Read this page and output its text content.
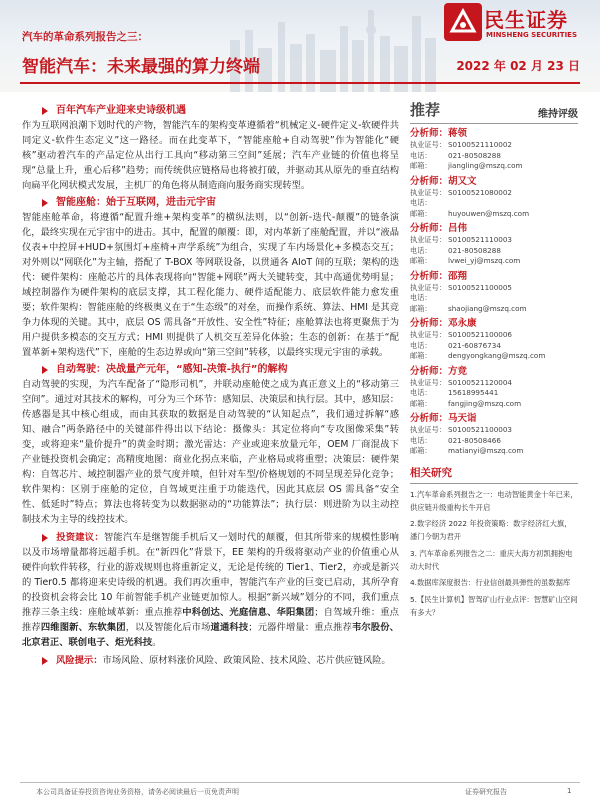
汽车的革命系列报告之三：
智能汽车：未来最强的算力终端	2022 年 02 月 23 日
民生证券
MINSHENG SECURITIES
百年汽车产业迎来史诗级机遇

作为互联网浪潮下划时代的产物，智能汽车的架构变革遵循着“机械定义-硬件定义-软硬件共同定义-软件生态定义”这一路径。而在此变革下，“智能座舱+自动驾驶”作为智能化“硬核”驱动着汽车的产品定位从出行工具向“移动第三空间”延展；汽车产业链的价值也将呈现“总量上升，重心后移”趋势；而传统供应链格局也将被打破，并驱动其从原先的垂直结构向扁平化网状模式发展，主机厂的角色将从制造商向服务商实现转型。

智能座舱：始于互联网，进击元宇宙

智能座舱革命，将遵循“配置升维+架构变革”的横纵法则，以“创新-迭代-颠覆”的链条演化，最终实现在元宇宙中的进击。其中，配置的颠覆：即，对内革新了座舱配置，并以“液晶仪表+中控屏+HUD+氛围灯+座椅+声学系统”为组合，实现了车内场景化+多模态交互；对外则以“网联化”为主轴，搭配了 T-BOX 等网联设备，以贯通各 AIoT 间的互联；架构的迭代：硬件架构：座舱芯片的具体表现将向“智能+网联”两大关键转变，其中高通优势明显；域控制器作为硬件架构的底层支撑，其工程化能力、硬件适配能力、底层软件能力愈发重要；软件架构：智能座舱的终极奥义在于“生态级”的对垒，而操作系统、算法、HMI 是其竞争力体现的关键。其中，底层 OS 需具备“开放性、安全性”特征；座舱算法也将更聚焦于为用户提供多模态的交互方式；HMI 则提供了人机交互差异化体验；生态的创新：在基于“配置革新+架构迭代”下，座舱的生态边界或向“第三空间”转移，以最终实现元宇宙的承载。

自动驾驶：决战量产元年，“感知-决策-执行”的解构

自动驾驶的实现，为汽车配备了“隐形司机”，并联动座舱使之成为真正意义上的“移动第三空间”。通过对其技术的解构，可分为三个环节：感知层、决策层和执行层。其中，感知层：传感器是其中核心组成，而由其获取的数据是自动驾驶的“认知起点”，我们通过拆解“感知、融合”两条路径中的关键部件得出以下结论：摄像头：其定位将向“专攻图像采集”转变，或将迎来“量价提升”的黄金时期；激光雷达：产业或迎来放量元年，OEM 厂商混战下产业链投资机会确定；高精度地图：商业化拐点来临，产业格局或将重塑；决策层：硬件架构：自驾芯片、域控制器产业的景气度并喷，但针对车型/价格规划的不同呈现差异化竞争；软件架构：区别于座舱的定位，自驾域更注重于功能迭代，因此其底层 OS 需具备“安全性、低延时”特点；算法也将转变为以数据驱动的“功能算法”；执行层：则进阶为以主动控制技术为主导的线控技术。

投资建议：智能汽车是继智能手机后又一划时代的颠覆，但其所带来的规模性影响以及市场增量都将远超手机。在“新四化”背景下，EE 架构的升级将驱动产业的价值重心从硬件向软件转移，行业的游戏规则也将重新定义，无论是传统的 Tier1、Tier2，亦或是新兴的 Tier0.5 都将迎来史诗级的机遇。我们再次重申，智能汽车产业的巨变已启动，其所孕育的投资机会将会比 10 年前智能手机产业链更加惊人。根据“新兴域”划分的不同，我们重点推荐三条主线：座舱域革新：重点推荐中科创达、光庭信息、华阳集团；自驾域升维：重点推荐四维图新、东软集团，以及智能化后市场道通科技；元器件增量：重点推荐韦尔股份、北京君正、联创电子、炬光科技。

风险提示：市场风险、原材料涨价风险、政策风险、技术风险、芯片供应链风险。

推荐	维持评级
分析师： 蒋领
执业证号： S0100521110002
电话：	021-80508288
邮箱：	jiangling@mszq.com
分析师： 胡又文
执业证号： S0100521080002
电话：
邮箱：	huyouwen@mszq.com
分析师： 吕伟
执业证号： S0100521110003
电话：	021-80508288
邮箱：	lvwei_yj@mszq.com
分析师： 邵翔
执业证号： S0100521100005
电话：
邮箱：	shaojiang@mszq.com
分析师： 邓永康
执业证号： S0100521100006
电话：	021-60876734
邮箱：	dengyongkang@mszq.com
分析师： 方竞
执业证号： S0100521120004
电话：	15618995441
邮箱：	fangjing@mszq.com
分析师： 马天诣
执业证号： S0100521100003
电话：	021-80508466
邮箱：	matianyi@mszq.com
相关研究
1.汽车革命系列报告之一：电动智能黄金十年已来，供应链升级重构长牛开启
2.数字经济 2022 年投资策略：数字经济红大旗，潘门今朝为君开
3. 汽车革命系列报告之二：重庆大海方初凯拥抱电动大时代
4.数据库深度报告：行业信创最具弹性的虽数据库
5.【民生计算机】智驾矿山行业点评：智慧矿山空间有多大？
本公司具备证券投资咨询业务资格，请务必阅读最后一页免责声明	证券研究报告	1
